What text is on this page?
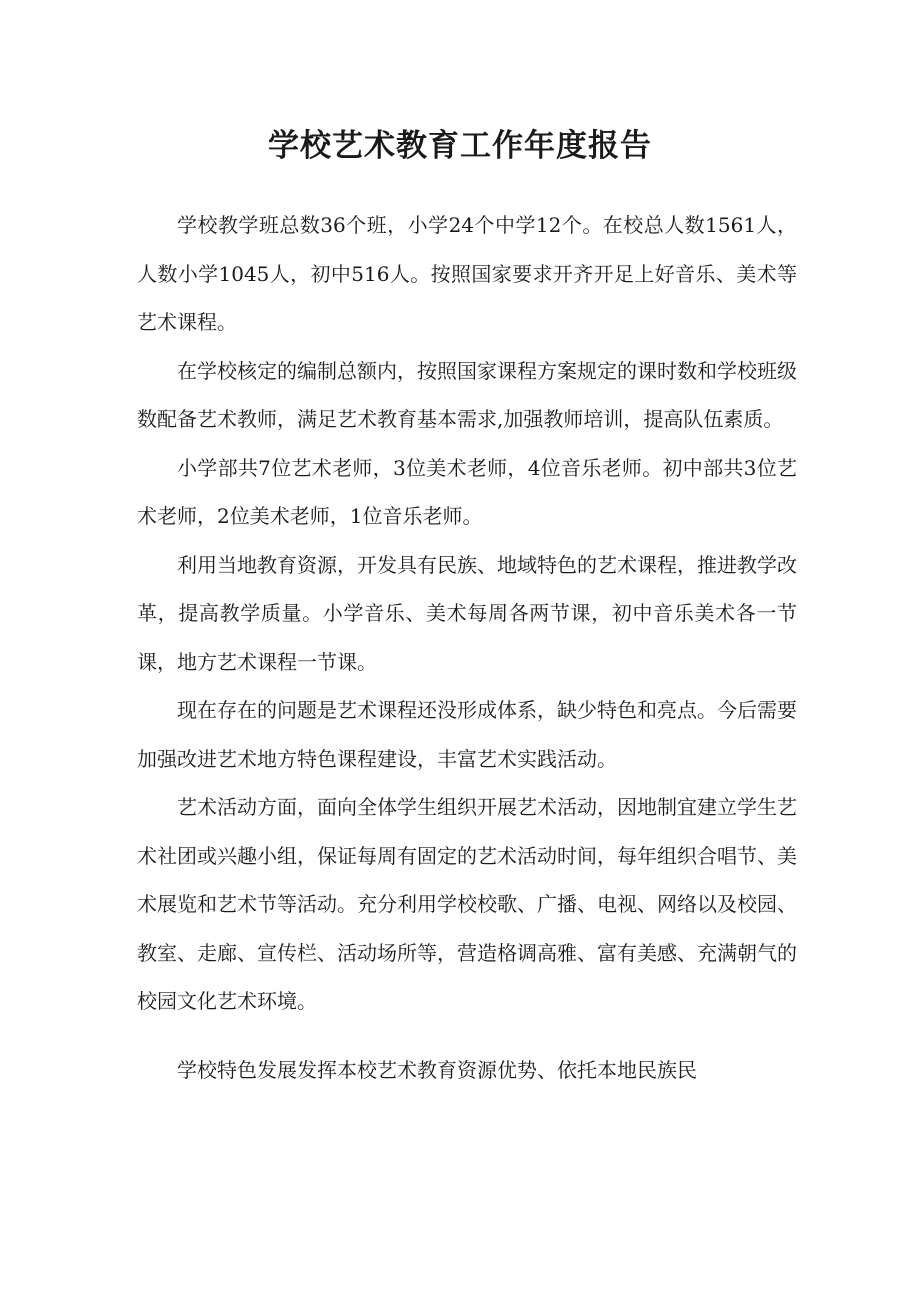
学校艺术教育工作年度报告

学校教学班总数36个班，小学24个中学12个。在校总人数1561人，人数小学1045人，初中516人。按照国家要求开齐开足上好音乐、美术等艺术课程。

在学校核定的编制总额内，按照国家课程方案规定的课时数和学校班级数配备艺术教师，满足艺术教育基本需求,加强教师培训，提高队伍素质。

小学部共7位艺术老师，3位美术老师，4位音乐老师。初中部共3位艺术老师，2位美术老师，1位音乐老师。

利用当地教育资源，开发具有民族、地域特色的艺术课程，推进教学改革，提高教学质量。小学音乐、美术每周各两节课，初中音乐美术各一节课，地方艺术课程一节课。

现在存在的问题是艺术课程还没形成体系，缺少特色和亮点。今后需要加强改进艺术地方特色课程建设，丰富艺术实践活动。

艺术活动方面，面向全体学生组织开展艺术活动，因地制宜建立学生艺术社团或兴趣小组，保证每周有固定的艺术活动时间，每年组织合唱节、美术展览和艺术节等活动。充分利用学校校歌、广播、电视、网络以及校园、教室、走廊、宣传栏、活动场所等，营造格调高雅、富有美感、充满朝气的校园文化艺术环境。

学校特色发展发挥本校艺术教育资源优势、依托本地民族民
